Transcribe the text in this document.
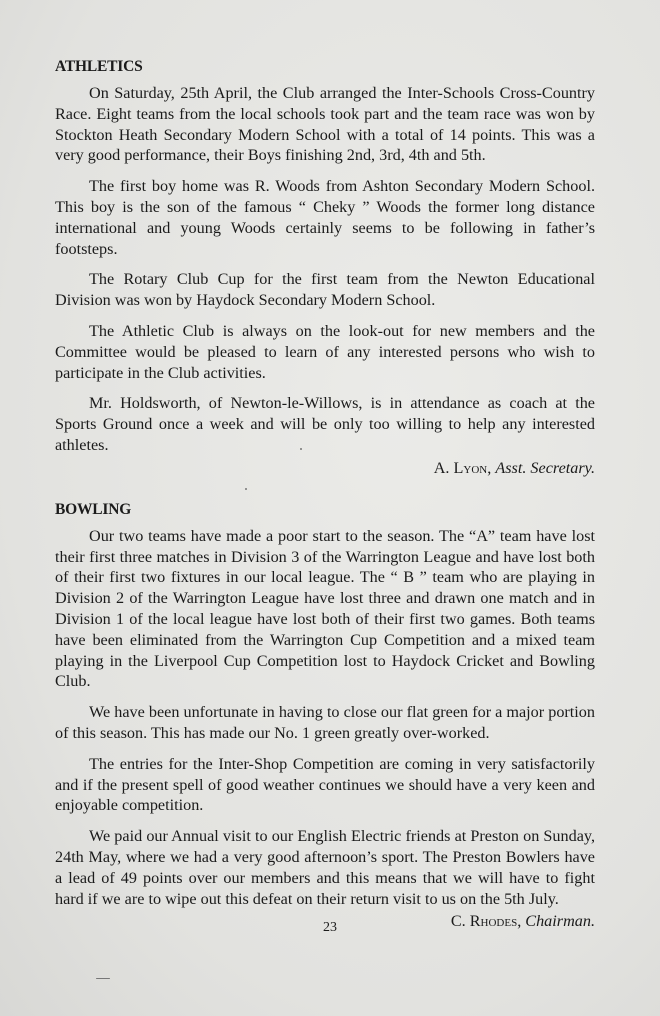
ATHLETICS

On Saturday, 25th April, the Club arranged the Inter-Schools Cross-Country Race. Eight teams from the local schools took part and the team race was won by Stockton Heath Secondary Modern School with a total of 14 points. This was a very good performance, their Boys finishing 2nd, 3rd, 4th and 5th.

The first boy home was R. Woods from Ashton Secondary Modern School. This boy is the son of the famous “ Cheky ” Woods the former long distance international and young Woods certainly seems to be following in father’s footsteps.

The Rotary Club Cup for the first team from the Newton Educational Division was won by Haydock Secondary Modern School.

The Athletic Club is always on the look-out for new members and the Committee would be pleased to learn of any interested persons who wish to participate in the Club activities.

Mr. Holdsworth, of Newton-le-Willows, is in attendance as coach at the Sports Ground once a week and will be only too willing to help any interested athletes.

A. Lyon, Asst. Secretary.
BOWLING

Our two teams have made a poor start to the season. The “A” team have lost their first three matches in Division 3 of the Warrington League and have lost both of their first two fixtures in our local league. The “ B ” team who are playing in Division 2 of the Warrington League have lost three and drawn one match and in Division 1 of the local league have lost both of their first two games. Both teams have been eliminated from the Warrington Cup Competition and a mixed team playing in the Liverpool Cup Competition lost to Haydock Cricket and Bowling Club.

We have been unfortunate in having to close our flat green for a major portion of this season. This has made our No. 1 green greatly over-worked.

The entries for the Inter-Shop Competition are coming in very satisfactorily and if the present spell of good weather continues we should have a very keen and enjoyable competition.

We paid our Annual visit to our English Electric friends at Preston on Sunday, 24th May, where we had a very good afternoon’s sport. The Preston Bowlers have a lead of 49 points over our members and this means that we will have to fight hard if we are to wipe out this defeat on their return visit to us on the 5th July.

C. Rhodes, Chairman.
23
